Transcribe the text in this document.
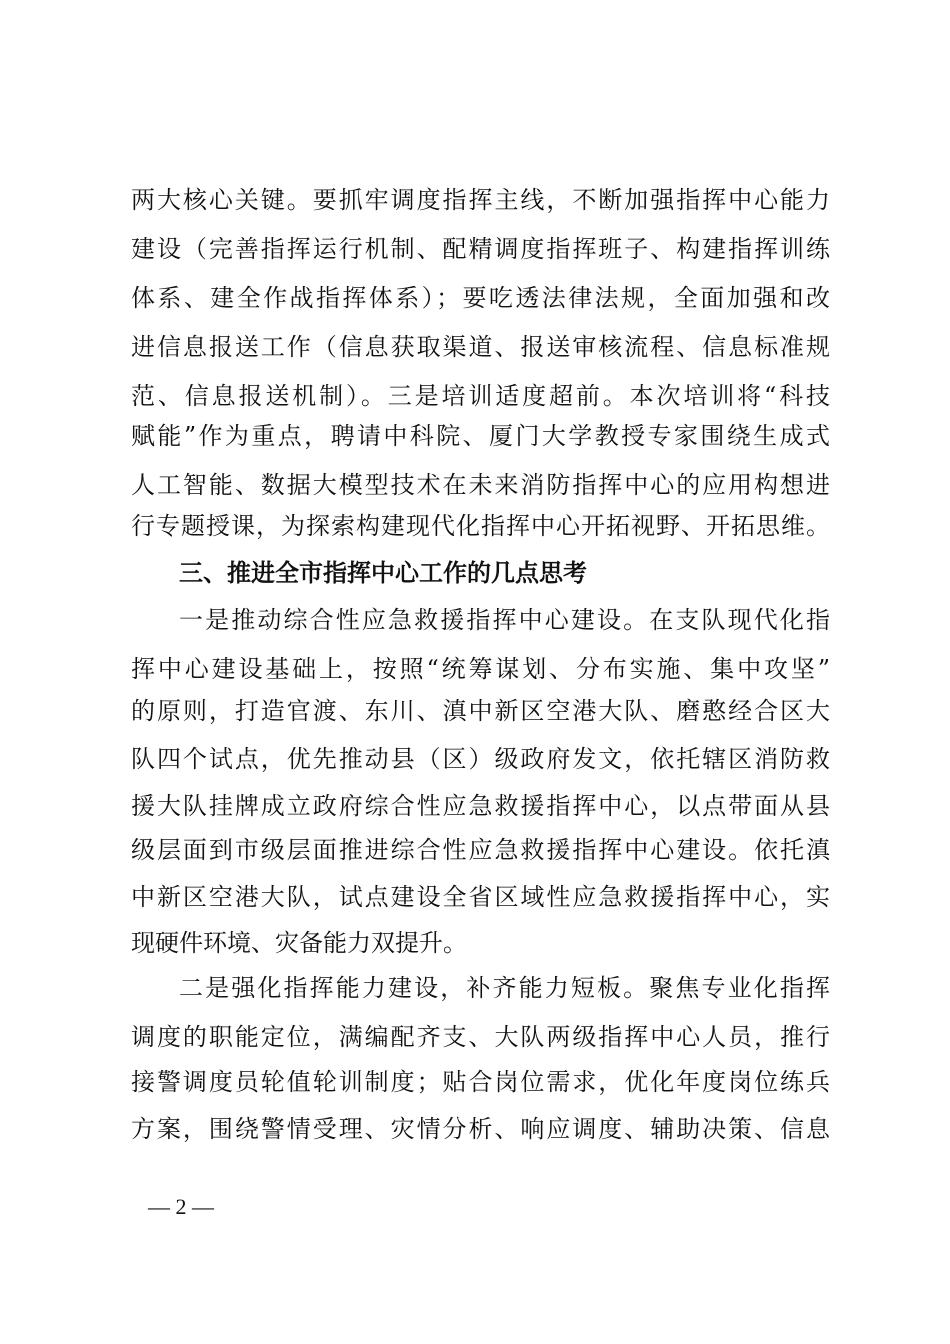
两大核心关键。要抓牢调度指挥主线，不断加强指挥中心能力
建设（完善指挥运行机制、配精调度指挥班子、构建指挥训练
体系、建全作战指挥体系）；要吃透法律法规，全面加强和改
进信息报送工作（信息获取渠道、报送审核流程、信息标准规
范、信息报送机制）。三是培训适度超前。本次培训将“科技
赋能”作为重点，聘请中科院、厦门大学教授专家围绕生成式
人工智能、数据大模型技术在未来消防指挥中心的应用构想进
行专题授课，为探索构建现代化指挥中心开拓视野、开拓思维。
三、推进全市指挥中心工作的几点思考
一是推动综合性应急救援指挥中心建设。在支队现代化指
挥中心建设基础上，按照“统筹谋划、分布实施、集中攻坚”
的原则，打造官渡、东川、滇中新区空港大队、磨憨经合区大
队四个试点，优先推动县（区）级政府发文，依托辖区消防救
援大队挂牌成立政府综合性应急救援指挥中心，以点带面从县
级层面到市级层面推进综合性应急救援指挥中心建设。依托滇
中新区空港大队，试点建设全省区域性应急救援指挥中心，实
现硬件环境、灾备能力双提升。
二是强化指挥能力建设，补齐能力短板。聚焦专业化指挥
调度的职能定位，满编配齐支、大队两级指挥中心人员，推行
接警调度员轮值轮训制度；贴合岗位需求，优化年度岗位练兵
方案，围绕警情受理、灾情分析、响应调度、辅助决策、信息
— 2 —
